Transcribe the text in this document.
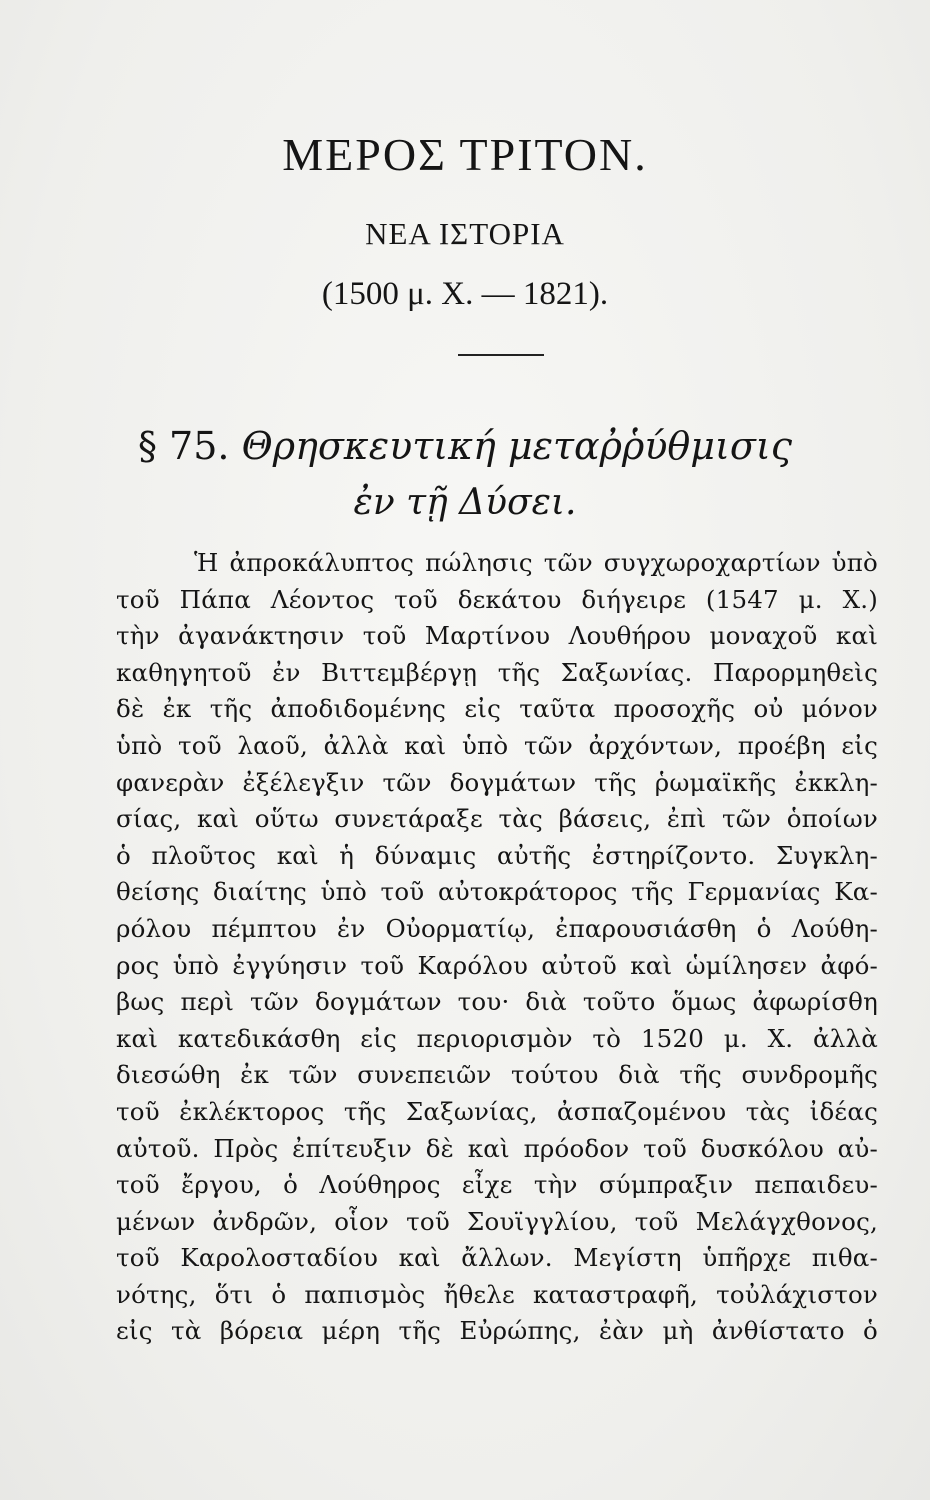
ΜΕΡΟΣ ΤΡΙΤΟΝ.
ΝΕΑ ΙΣΤΟΡΙΑ
(1500 μ. Χ. — 1821).
§ 75. Θρησκευτική μεταῤῥύθμισις
ἐν τῇ Δύσει.
Ἡ ἀπροκάλυπτος πώλησις τῶν συγχωροχαρτίων ὑπὸ
τοῦ Πάπα Λέοντος τοῦ δεκάτου διήγειρε (1547 μ. Χ.)
τὴν ἀγανάκτησιν τοῦ Μαρτίνου Λουθήρου μοναχοῦ καὶ
καθηγητοῦ ἐν Βιττεμβέργῃ τῆς Σαξωνίας. Παρορμηθεὶς
δὲ ἐκ τῆς ἀποδιδομένης εἰς ταῦτα προσοχῆς οὐ μόνον
ὑπὸ τοῦ λαοῦ, ἀλλὰ καὶ ὑπὸ τῶν ἀρχόντων, προέβη εἰς
φανερὰν ἐξέλεγξιν τῶν δογμάτων τῆς ῥωμαϊκῆς ἐκκλη-
σίας, καὶ οὕτω συνετάραξε τὰς βάσεις, ἐπὶ τῶν ὁποίων
ὁ πλοῦτος καὶ ἡ δύναμις αὐτῆς ἐστηρίζοντο. Συγκλη-
θείσης διαίτης ὑπὸ τοῦ αὐτοκράτορος τῆς Γερμανίας Κα-
ρόλου πέμπτου ἐν Οὐορματίῳ, ἐπαρουσιάσθη ὁ Λούθη-
ρος ὑπὸ ἐγγύησιν τοῦ Καρόλου αὐτοῦ καὶ ὡμίλησεν ἀφό-
βως περὶ τῶν δογμάτων του· διὰ τοῦτο ὅμως ἀφωρίσθη
καὶ κατεδικάσθη εἰς περιορισμὸν τὸ 1520 μ. Χ. ἀλλὰ
διεσώθη ἐκ τῶν συνεπειῶν τούτου διὰ τῆς συνδρομῆς
τοῦ ἐκλέκτορος τῆς Σαξωνίας, ἀσπαζομένου τὰς ἰδέας
αὐτοῦ. Πρὸς ἐπίτευξιν δὲ καὶ πρόοδον τοῦ δυσκόλου αὐ-
τοῦ ἔργου, ὁ Λούθηρος εἶχε τὴν σύμπραξιν πεπαιδευ-
μένων ἀνδρῶν, οἷον τοῦ Σουϊγγλίου, τοῦ Μελάγχθονος,
τοῦ Καρολοσταδίου καὶ ἄλλων. Μεγίστη ὑπῆρχε πιθα-
νότης, ὅτι ὁ παπισμὸς ἤθελε καταστραφῆ, τοὐλάχιστον
εἰς τὰ βόρεια μέρη τῆς Εὐρώπης, ἐὰν μὴ ἀνθίστατο ὁ
